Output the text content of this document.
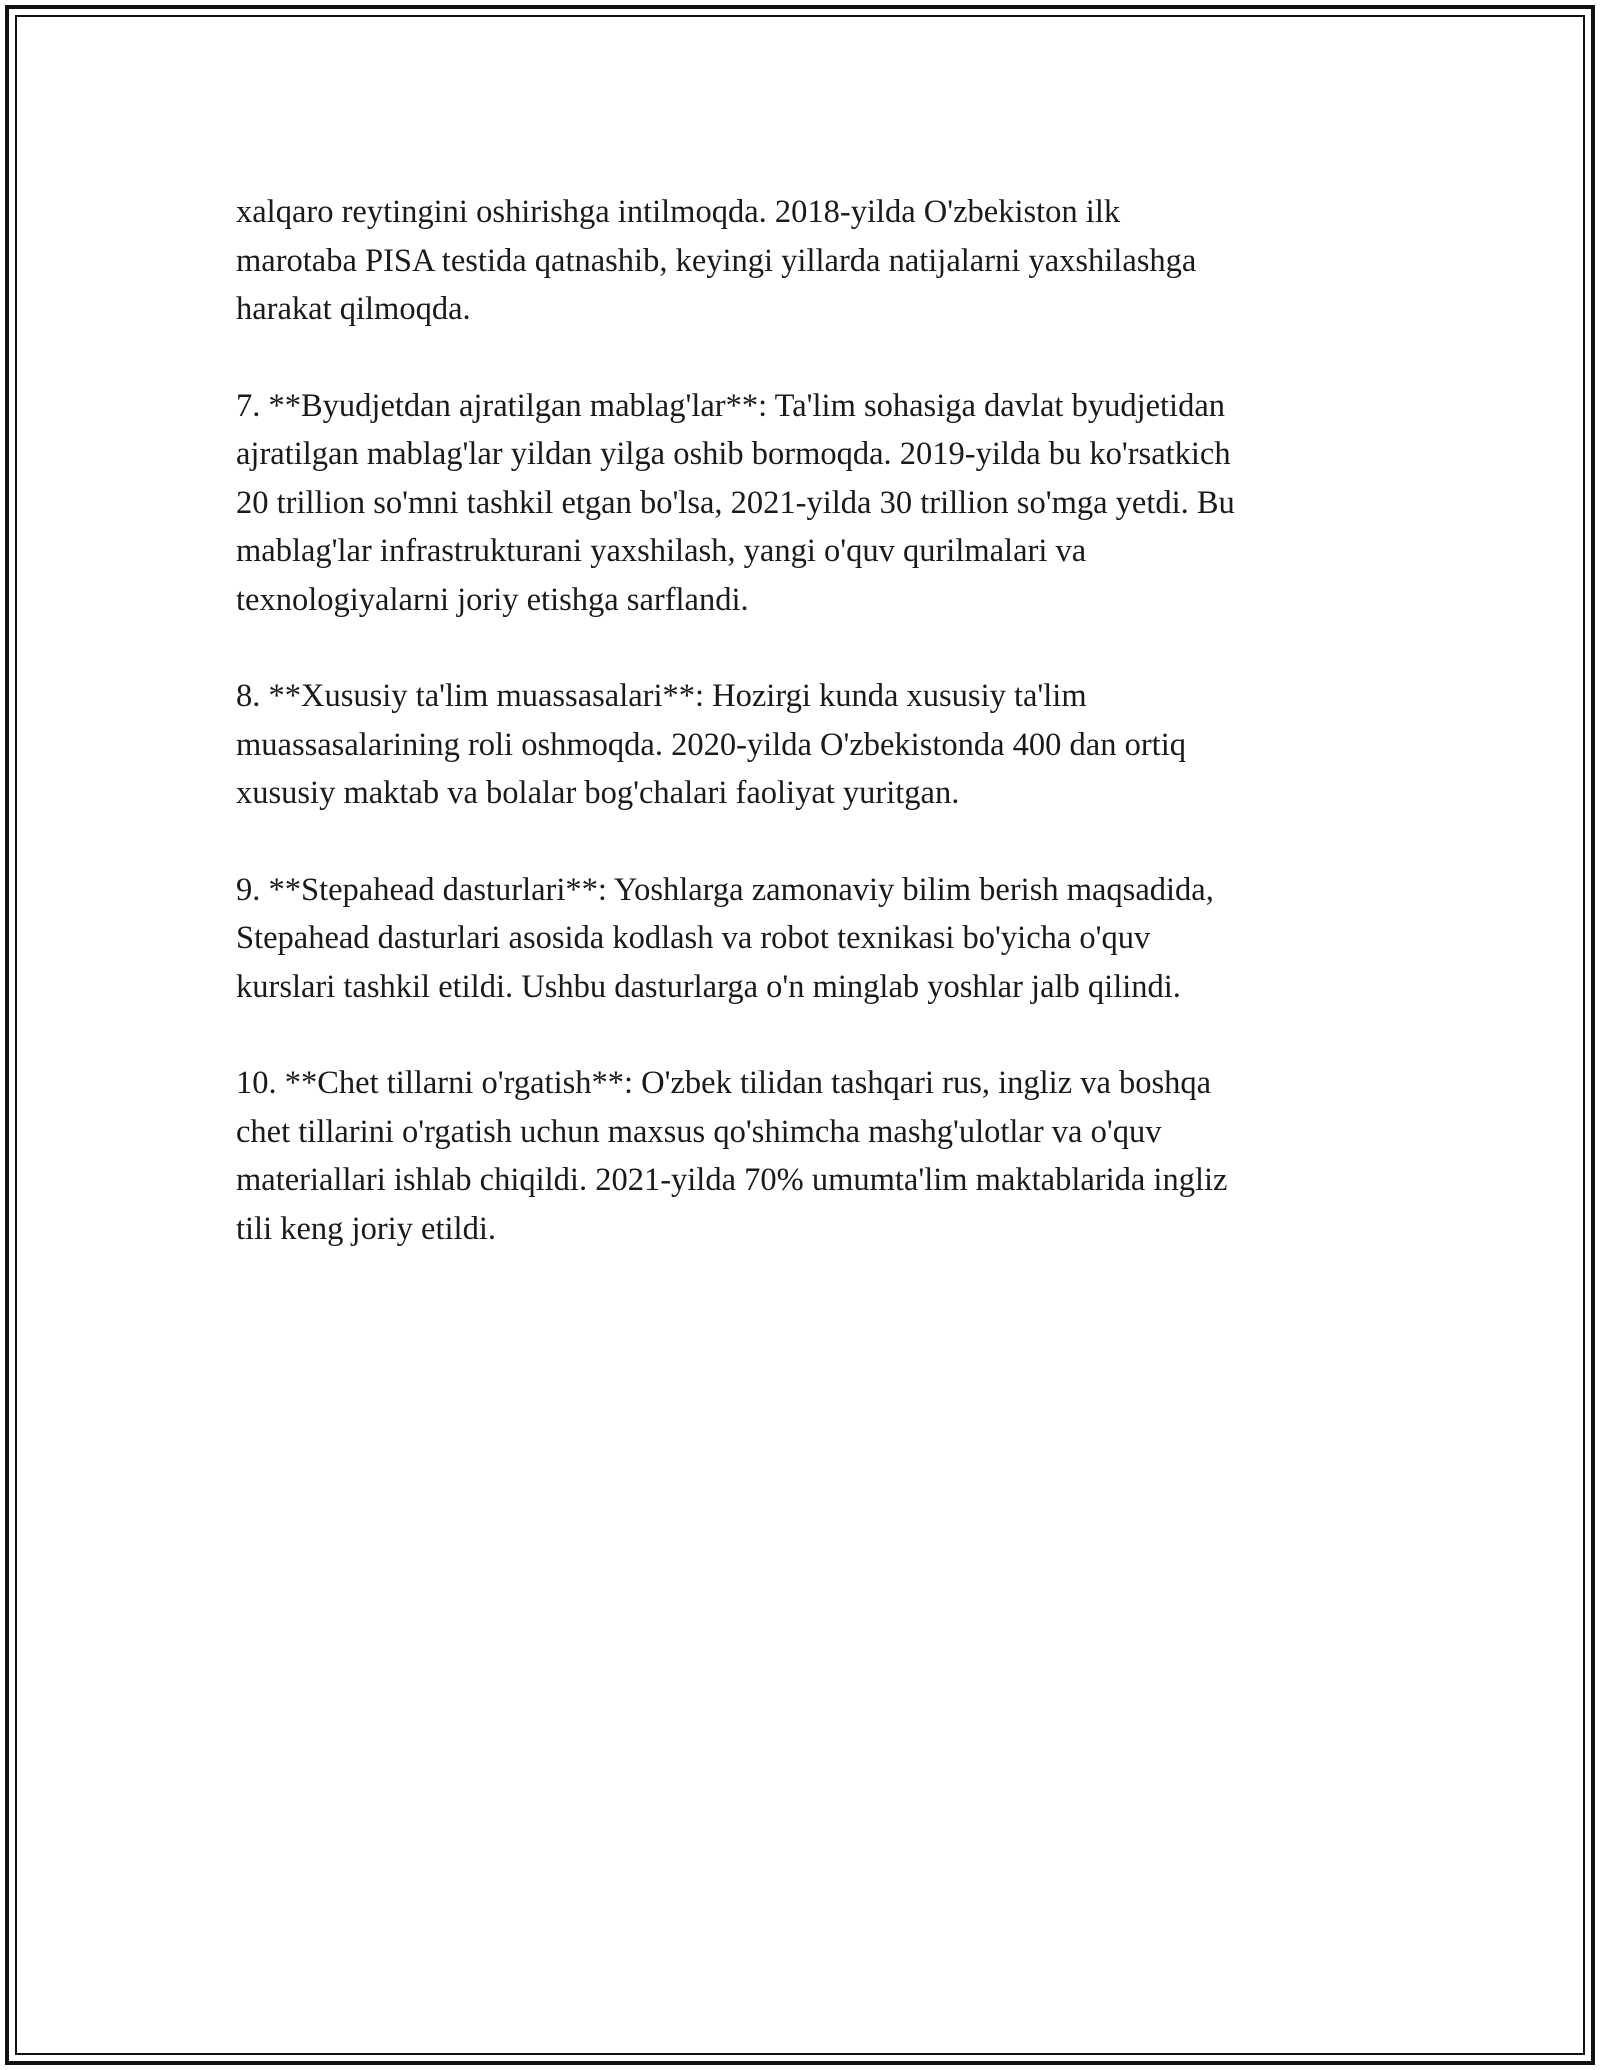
xalqaro reytingini oshirishga intilmoqda. 2018-yilda O'zbekiston ilk
marotaba PISA testida qatnashib, keyingi yillarda natijalarni yaxshilashga
harakat qilmoqda.

7. **Byudjetdan ajratilgan mablag'lar**: Ta'lim sohasiga davlat byudjetidan
ajratilgan mablag'lar yildan yilga oshib bormoqda. 2019-yilda bu ko'rsatkich
20 trillion so'mni tashkil etgan bo'lsa, 2021-yilda 30 trillion so'mga yetdi. Bu
mablag'lar infrastrukturani yaxshilash, yangi o'quv qurilmalari va
texnologiyalarni joriy etishga sarflandi.

8. **Xususiy ta'lim muassasalari**: Hozirgi kunda xususiy ta'lim
muassasalarining roli oshmoqda. 2020-yilda O'zbekistonda 400 dan ortiq
xususiy maktab va bolalar bog'chalari faoliyat yuritgan.

9. **Stepahead dasturlari**: Yoshlarga zamonaviy bilim berish maqsadida,
Stepahead dasturlari asosida kodlash va robot texnikasi bo'yicha o'quv
kurslari tashkil etildi. Ushbu dasturlarga o'n minglab yoshlar jalb qilindi.

10. **Chet tillarni o'rgatish**: O'zbek tilidan tashqari rus, ingliz va boshqa
chet tillarini o'rgatish uchun maxsus qo'shimcha mashg'ulotlar va o'quv
materiallari ishlab chiqildi. 2021-yilda 70% umumta'lim maktablarida ingliz
tili keng joriy etildi.
